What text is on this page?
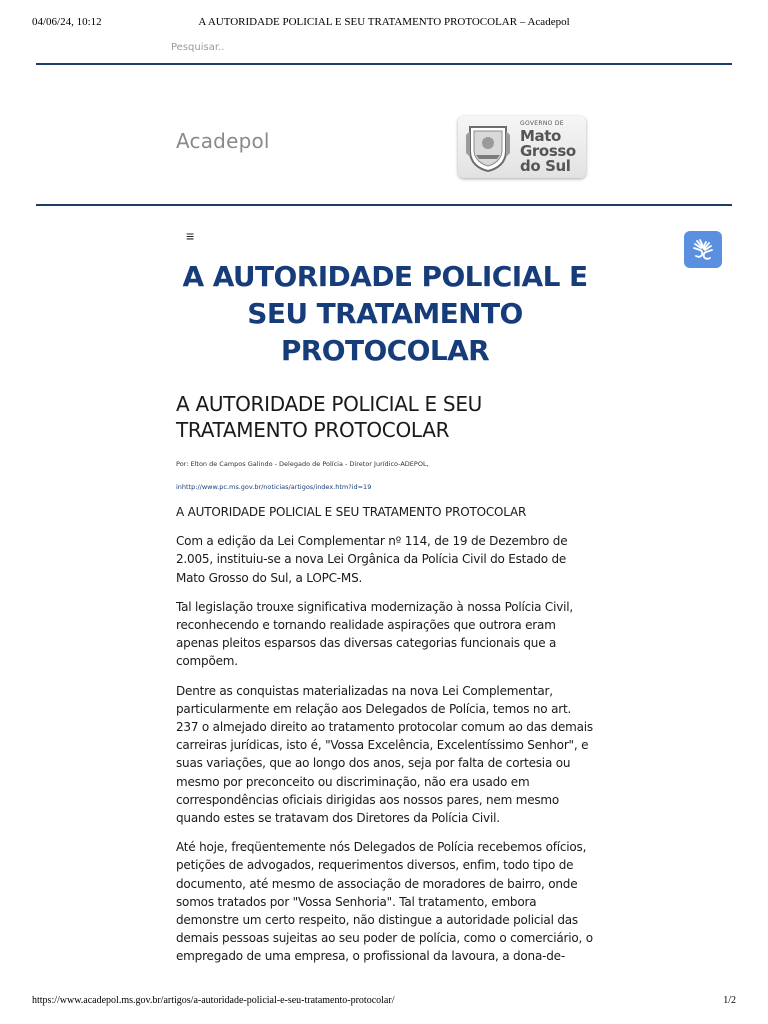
04/06/24, 10:12	A AUTORIDADE POLICIAL E SEU TRATAMENTO PROTOCOLAR – Acadepol
Pesquisar..
Acadepol
GOVERNO DE
Mato
Grosso
do Sul
≡
A AUTORIDADE POLICIAL E SEU TRATAMENTO PROTOCOLAR
A AUTORIDADE POLICIAL E SEU TRATAMENTO PROTOCOLAR

Por: Elton de Campos Galindo - Delegado de Polícia - Diretor Jurídico-ADEPOL,

inhttp://www.pc.ms.gov.br/noticias/artigos/index.htm?id=19

A AUTORIDADE POLICIAL E SEU TRATAMENTO PROTOCOLAR

Com a edição da Lei Complementar nº 114, de 19 de Dezembro de 2.005, instituiu-se a nova Lei Orgânica da Polícia Civil do Estado de Mato Grosso do Sul, a LOPC-MS.

Tal legislação trouxe significativa modernização à nossa Polícia Civil, reconhecendo e tornando realidade aspirações que outrora eram apenas pleitos esparsos das diversas categorias funcionais que a compõem.

Dentre as conquistas materializadas na nova Lei Complementar, particularmente em relação aos Delegados de Polícia, temos no art. 237 o almejado direito ao tratamento protocolar comum ao das demais carreiras jurídicas, isto é, "Vossa Excelência, Excelentíssimo Senhor", e suas variações, que ao longo dos anos, seja por falta de cortesia ou mesmo por preconceito ou discriminação, não era usado em correspondências oficiais dirigidas aos nossos pares, nem mesmo quando estes se tratavam dos Diretores da Polícia Civil.

Até hoje, freqüentemente nós Delegados de Polícia recebemos ofícios, petições de advogados, requerimentos diversos, enfim, todo tipo de documento, até mesmo de associação de moradores de bairro, onde somos tratados por "Vossa Senhoria". Tal tratamento, embora demonstre um certo respeito, não distingue a autoridade policial das demais pessoas sujeitas ao seu poder de polícia, como o comerciário, o empregado de uma empresa, o profissional da lavoura, a dona-de-

https://www.acadepol.ms.gov.br/artigos/a-autoridade-policial-e-seu-tratamento-protocolar/	1/2
